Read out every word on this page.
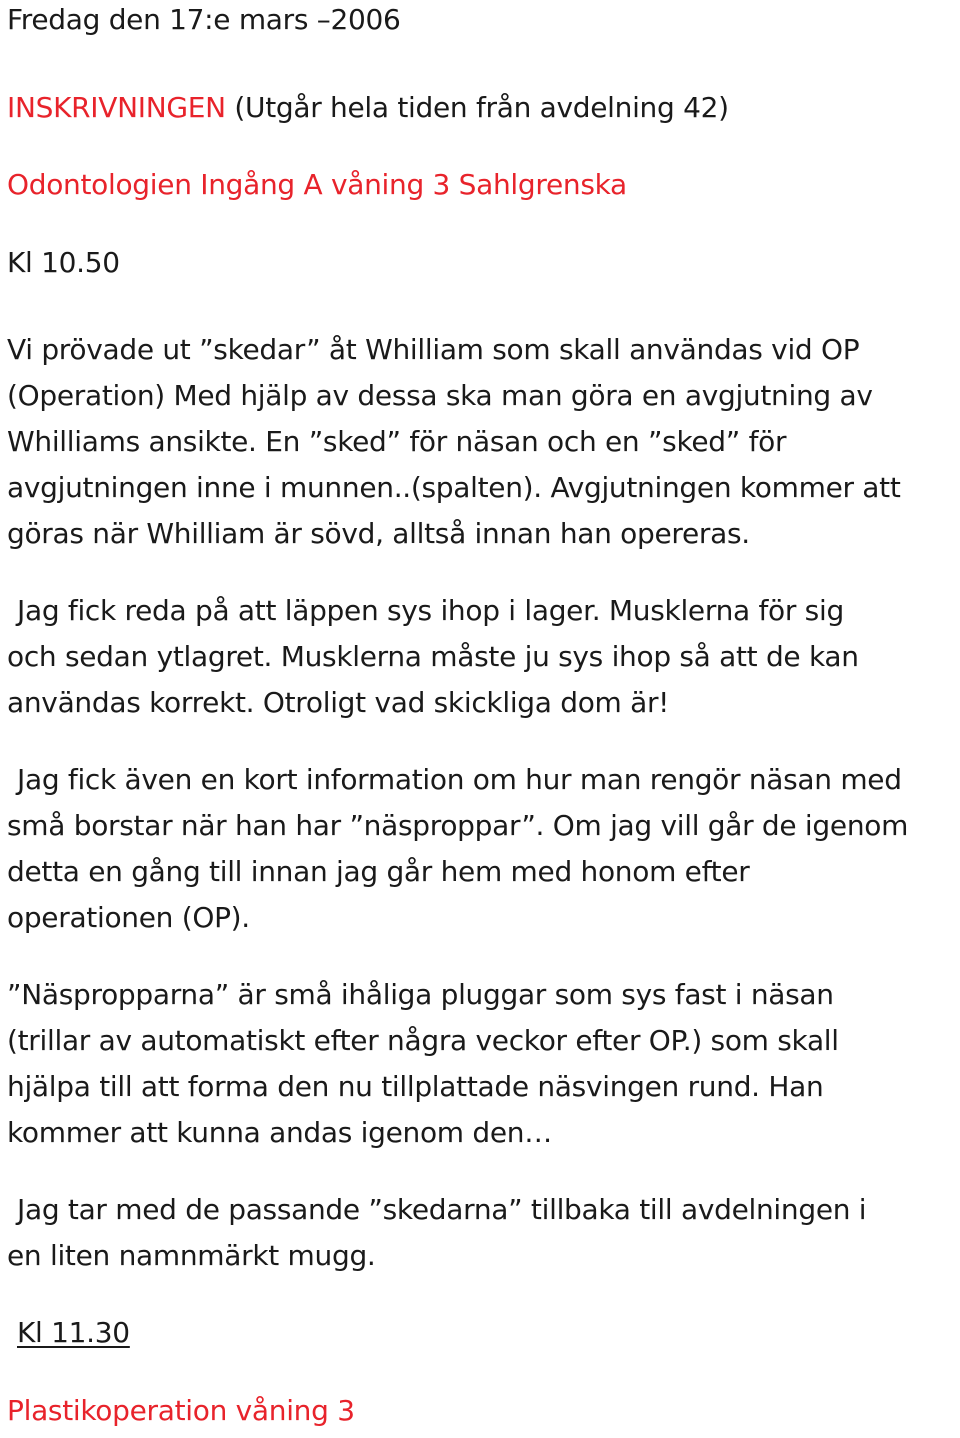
Fredag den 17:e mars –2006
INSKRIVNINGEN (Utgår hela tiden från avdelning 42)
Odontologien Ingång A våning 3 Sahlgrenska
Kl 10.50
Vi prövade ut ”skedar” åt Whilliam som skall användas vid OP
(Operation) Med hjälp av dessa ska man göra en avgjutning av
Whilliams ansikte. En ”sked” för näsan och en ”sked” för
avgjutningen inne i munnen..(spalten). Avgjutningen kommer att
göras när Whilliam är sövd, alltså innan han opereras.
Jag fick reda på att läppen sys ihop i lager. Musklerna för sig
och sedan ytlagret. Musklerna måste ju sys ihop så att de kan
användas korrekt. Otroligt vad skickliga dom är!
Jag fick även en kort information om hur man rengör näsan med
små borstar när han har ”näsproppar”. Om jag vill går de igenom
detta en gång till innan jag går hem med honom efter
operationen (OP).
”Näspropparna” är små ihåliga pluggar som sys fast i näsan
(trillar av automatiskt efter några veckor efter OP.) som skall
hjälpa till att forma den nu tillplattade näsvingen rund. Han
kommer att kunna andas igenom den…
Jag tar med de passande ”skedarna” tillbaka till avdelningen i
en liten namnmärkt mugg.
Kl 11.30
Plastikoperation våning 3
